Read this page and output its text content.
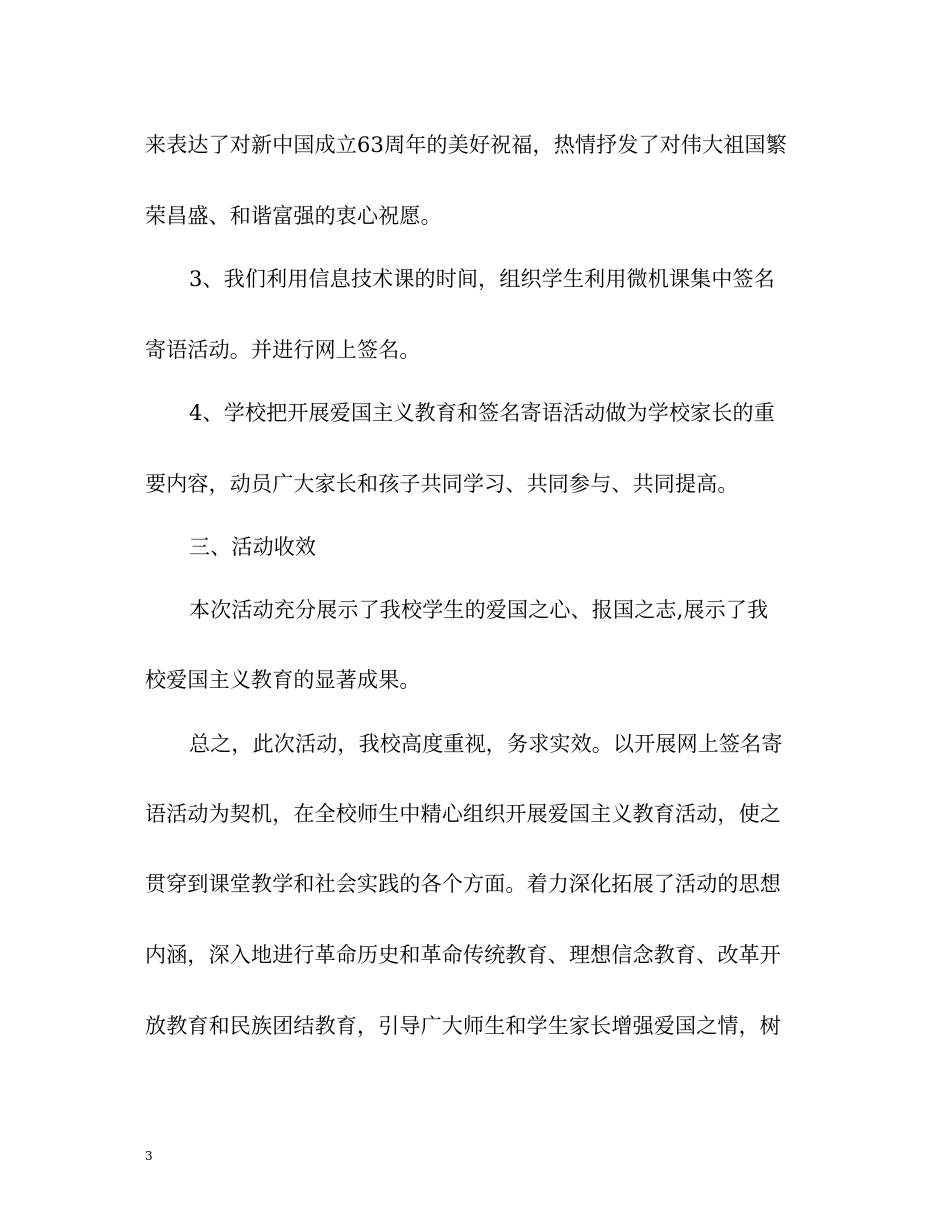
来表达了对新中国成立63周年的美好祝福，热情抒发了对伟大祖国繁
荣昌盛、和谐富强的衷心祝愿。
3、我们利用信息技术课的时间，组织学生利用微机课集中签名
寄语活动。并进行网上签名。
4、学校把开展爱国主义教育和签名寄语活动做为学校家长的重
要内容，动员广大家长和孩子共同学习、共同参与、共同提高。
三、活动收效
本次活动充分展示了我校学生的爱国之心、报国之志,展示了我
校爱国主义教育的显著成果。
总之，此次活动，我校高度重视，务求实效。以开展网上签名寄
语活动为契机，在全校师生中精心组织开展爱国主义教育活动，使之
贯穿到课堂教学和社会实践的各个方面。着力深化拓展了活动的思想
内涵，深入地进行革命历史和革命传统教育、理想信念教育、改革开
放教育和民族团结教育，引导广大师生和学生家长增强爱国之情，树
3
